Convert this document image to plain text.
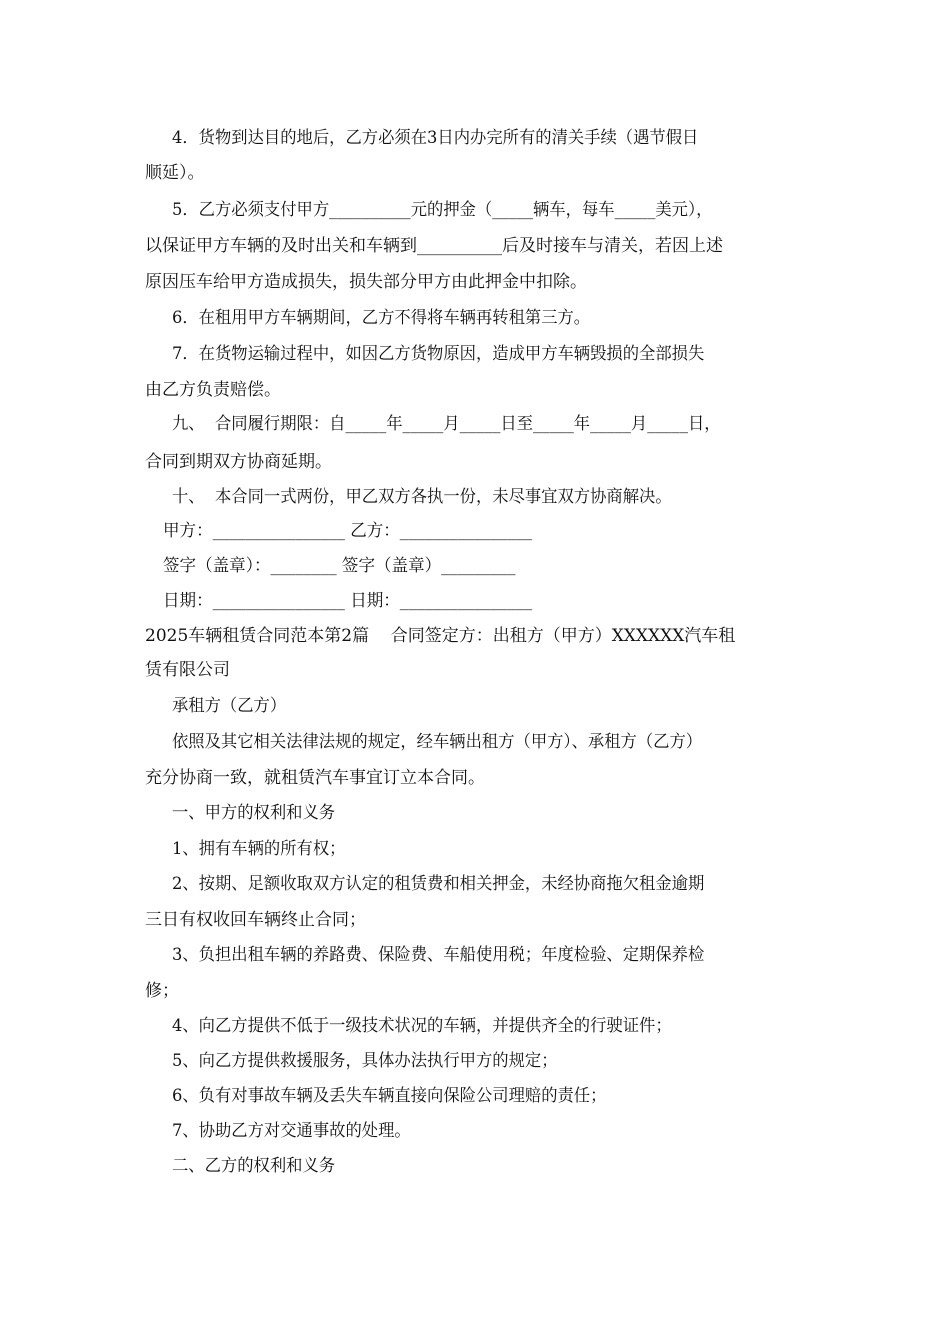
4．货物到达目的地后，乙方必须在3日内办完所有的清关手续（遇节假日
顺延）。
5．乙方必须支付甲方__________元的押金（_____辆车，每车_____美元），
以保证甲方车辆的及时出关和车辆到__________后及时接车与清关，若因上述
原因压车给甲方造成损失，损失部分甲方由此押金中扣除。
6．在租用甲方车辆期间，乙方不得将车辆再转租第三方。
7．在货物运输过程中，如因乙方货物原因，造成甲方车辆毁损的全部损失
由乙方负责赔偿。
九、  合同履行期限：自_____年_____月_____日至_____年_____月_____日，
合同到期双方协商延期。
十、  本合同一式两份，甲乙双方各执一份，未尽事宜双方协商解决。
甲方：________________ 乙方：________________
签字（盖章）：________ 签字（盖章）_________
日期：________________ 日期：________________
2025车辆租赁合同范本第2篇    合同签定方：出租方（甲方）XXXXXX汽车租
赁有限公司
承租方（乙方）
依照及其它相关法律法规的规定，经车辆出租方（甲方）、承租方（乙方）
充分协商一致，就租赁汽车事宜订立本合同。
一、甲方的权利和义务
1、拥有车辆的所有权；
2、按期、足额收取双方认定的租赁费和相关押金，未经协商拖欠租金逾期
三日有权收回车辆终止合同；
3、负担出租车辆的养路费、保险费、车船使用税；年度检验、定期保养检
修；
4、向乙方提供不低于一级技术状况的车辆，并提供齐全的行驶证件；
5、向乙方提供救援服务，具体办法执行甲方的规定；
6、负有对事故车辆及丢失车辆直接向保险公司理赔的责任；
7、协助乙方对交通事故的处理。
二、乙方的权利和义务
